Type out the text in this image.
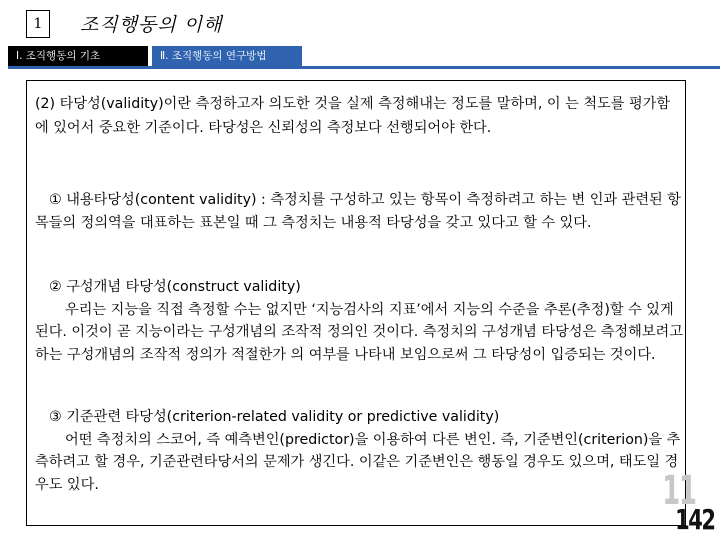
1 조직행동의 이해
Ⅰ. 조직행동의 기초	Ⅱ. 조직행동의 연구방법

(2) 타당성(validity)이란 측정하고자 의도한 것을 실제 측정해내는 정도를 말하며, 이 는 척도를 평가함에 있어서 중요한 기준이다. 타당성은 신뢰성의 측정보다 선행되어야 한다.

① 내용타당성(content validity) : 측정치를 구성하고 있는 항목이 측정하려고 하는 변 인과 관련된 항목들의 정의역을 대표하는 표본일 때 그 측정치는 내용적 타당성을 갖고 있다고 할 수 있다.

② 구성개념 타당성(construct validity)
우리는 지능을 직접 측정할 수는 없지만 ‘지능검사의 지표’에서 지능의 수준을 추론(추정)할 수 있게 된다. 이것이 곧 지능이라는 구성개념의 조작적 정의인 것이다. 측정치의 구성개념 타당성은 측정해보려고 하는 구성개념의 조작적 정의가 적절한가 의 여부를 나타내 보임으로써 그 타당성이 입증되는 것이다.
③ 기준관련 타당성(criterion-related validity or predictive validity)
어떤 측정치의 스코어, 즉 예측변인(predictor)을 이용하여 다른 변인. 즉, 기준변인(criterion)을 추측하려고 할 경우, 기준관련타당서의 문제가 생긴다. 이같은 기준변인은 행동일 경우도 있으며, 태도일 경우도 있다.	11
142
